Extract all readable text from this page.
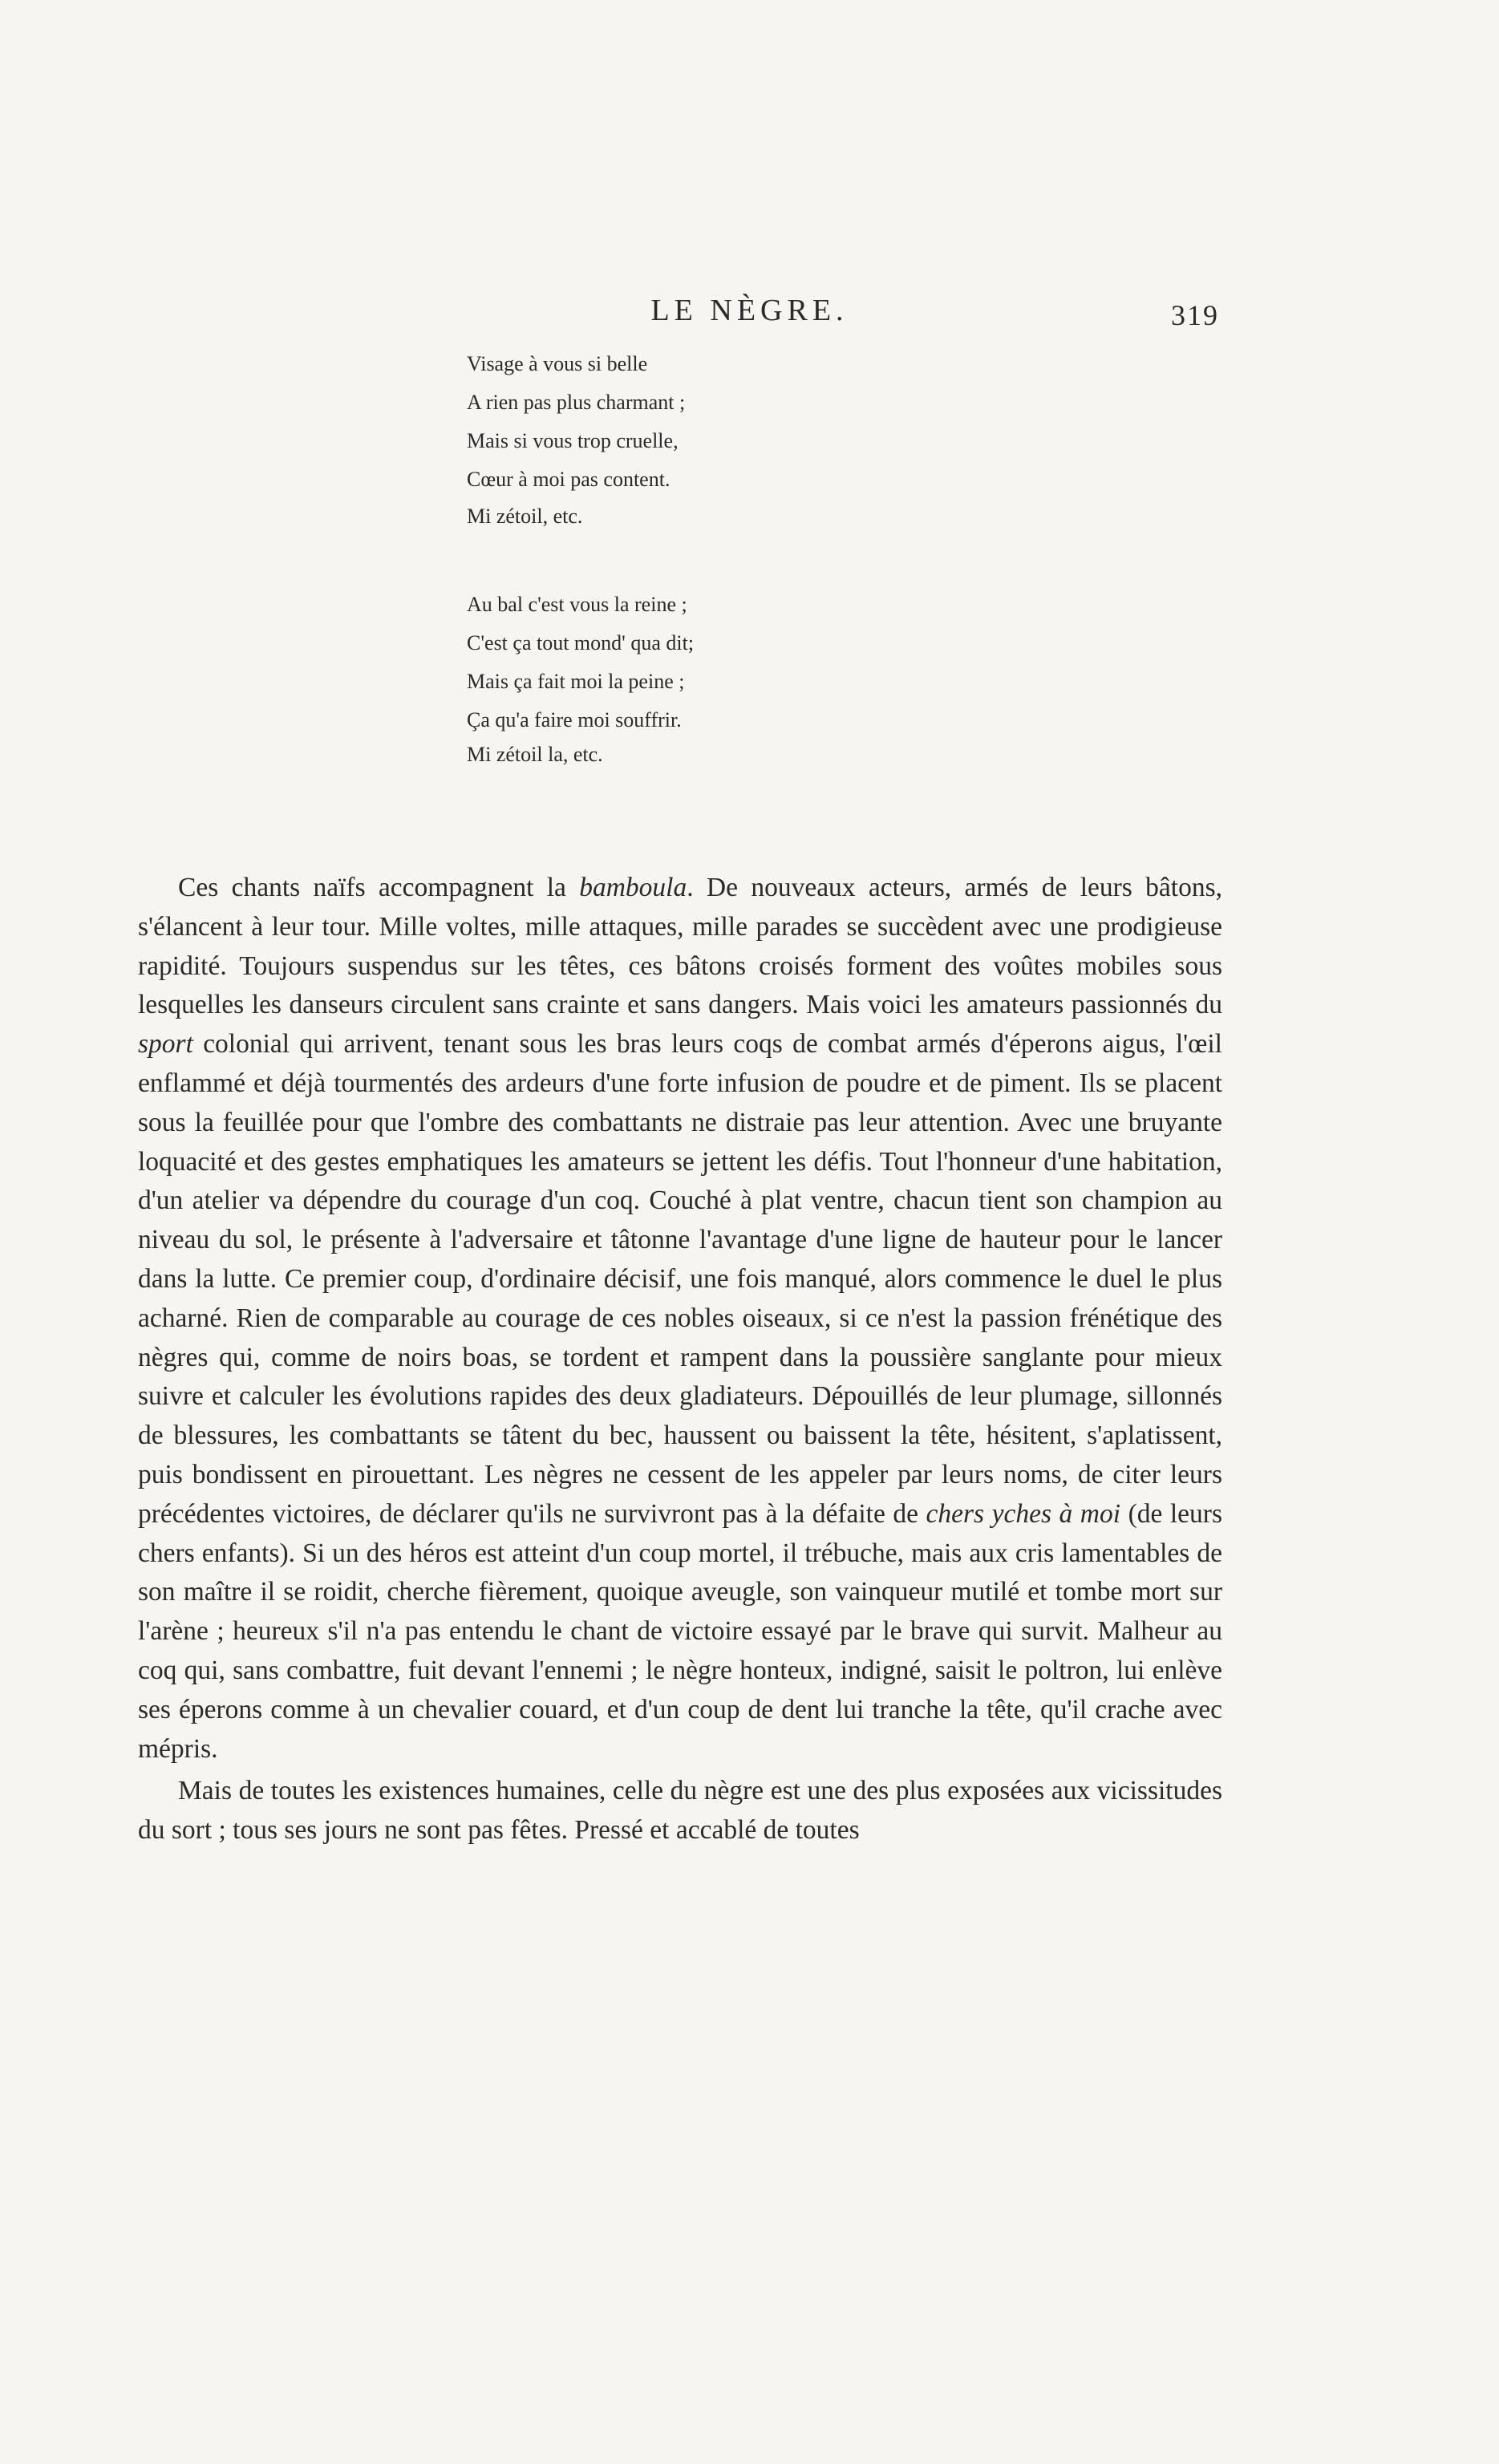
LE NÈGRE.	319
Visage à vous si belle
A rien pas plus charmant ;
Mais si vous trop cruelle,
Cœur à moi pas content.
Mi zétoil, etc.
Au bal c'est vous la reine ;
C'est ça tout mond' qua dit;
Mais ça fait moi la peine ;
Ça qu'a faire moi souffrir.
Mi zétoil la, etc.

Ces chants naïfs accompagnent la bamboula. De nouveaux acteurs, armés de leurs bâtons, s'élancent à leur tour. Mille voltes, mille attaques, mille parades se succèdent avec une prodigieuse rapidité. Toujours suspendus sur les têtes, ces bâtons croisés forment des voûtes mobiles sous lesquelles les danseurs circulent sans crainte et sans dangers. Mais voici les amateurs passionnés du sport colonial qui arrivent, tenant sous les bras leurs coqs de combat armés d'éperons aigus, l'œil enflammé et déjà tourmentés des ardeurs d'une forte infusion de poudre et de piment. Ils se placent sous la feuillée pour que l'ombre des combattants ne distraie pas leur attention. Avec une bruyante loquacité et des gestes emphatiques les amateurs se jettent les défis. Tout l'honneur d'une habitation, d'un atelier va dépendre du courage d'un coq. Couché à plat ventre, chacun tient son champion au niveau du sol, le présente à l'adversaire et tâtonne l'avantage d'une ligne de hauteur pour le lancer dans la lutte. Ce premier coup, d'ordinaire décisif, une fois manqué, alors commence le duel le plus acharné. Rien de comparable au courage de ces nobles oiseaux, si ce n'est la passion frénétique des nègres qui, comme de noirs boas, se tordent et rampent dans la poussière sanglante pour mieux suivre et calculer les évolutions rapides des deux gladiateurs. Dépouillés de leur plumage, sillonnés de blessures, les combattants se tâtent du bec, haussent ou baissent la tête, hésitent, s'aplatissent, puis bondissent en pirouettant. Les nègres ne cessent de les appeler par leurs noms, de citer leurs précédentes victoires, de déclarer qu'ils ne survivront pas à la défaite de chers yches à moi (de leurs chers enfants). Si un des héros est atteint d'un coup mortel, il trébuche, mais aux cris lamentables de son maître il se roidit, cherche fièrement, quoique aveugle, son vainqueur mutilé et tombe mort sur l'arène ; heureux s'il n'a pas entendu le chant de victoire essayé par le brave qui survit. Malheur au coq qui, sans combattre, fuit devant l'ennemi ; le nègre honteux, indigné, saisit le poltron, lui enlève ses éperons comme à un chevalier couard, et d'un coup de dent lui tranche la tête, qu'il crache avec mépris.

Mais de toutes les existences humaines, celle du nègre est une des plus exposées aux vicissitudes du sort ; tous ses jours ne sont pas fêtes. Pressé et accablé de toutes
